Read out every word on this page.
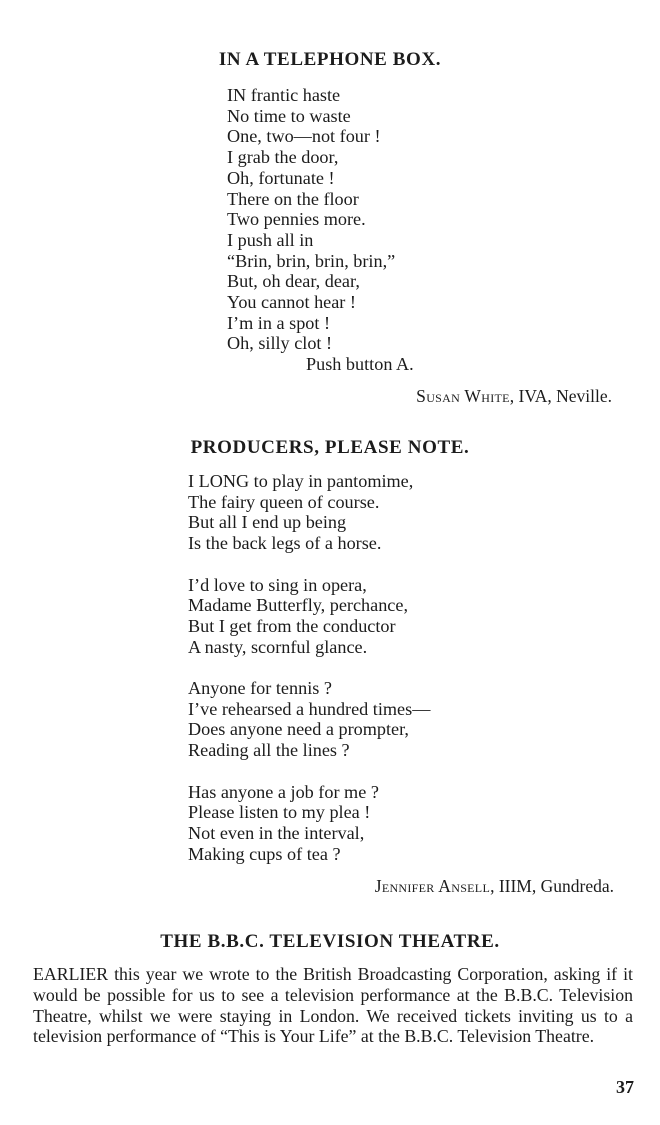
IN A TELEPHONE BOX.
IN frantic haste
No time to waste
One, two—not four !
I grab the door,
Oh, fortunate !
There on the floor
Two pennies more.
I push all in
“Brin, brin, brin, brin,”
But, oh dear, dear,
You cannot hear !
I’m in a spot !
Oh, silly clot !
Push button A.

Susan White, IVA, Neville.

PRODUCERS, PLEASE NOTE.
I LONG to play in pantomime,
The fairy queen of course.
But all I end up being
Is the back legs of a horse.
I’d love to sing in opera,
Madame Butterfly, perchance,
But I get from the conductor
A nasty, scornful glance.
Anyone for tennis ?
I’ve rehearsed a hundred times—
Does anyone need a prompter,
Reading all the lines ?
Has anyone a job for me ?
Please listen to my plea !
Not even in the interval,
Making cups of tea ?

Jennifer Ansell, IIIM, Gundreda.

THE B.B.C. TELEVISION THEATRE.

EARLIER this year we wrote to the British Broadcasting Corporation, asking if it would be possible for us to see a television performance at the B.B.C. Television Theatre, whilst we were staying in London. We received tickets inviting us to a television performance of “This is Your Life” at the B.B.C. Television Theatre.

37
